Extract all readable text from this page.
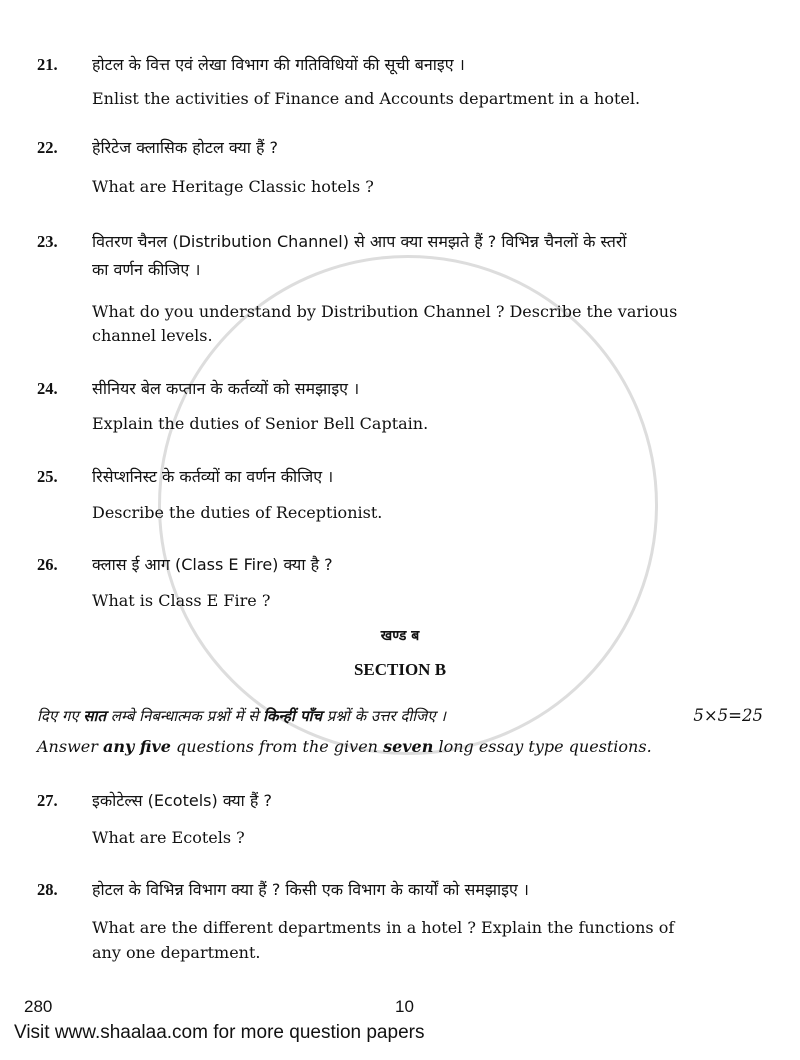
21. होटल के वित्त एवं लेखा विभाग की गतिविधियों की सूची बनाइए ।
Enlist the activities of Finance and Accounts department in a hotel.
22. हेरिटेज क्लासिक होटल क्या हैं ?
What are Heritage Classic hotels ?
23. वितरण चैनल (Distribution Channel) से आप क्या समझते हैं ? विभिन्न चैनलों के स्तरों
का वर्णन कीजिए ।
What do you understand by Distribution Channel ? Describe the various
channel levels.
24. सीनियर बेल कप्तान के कर्तव्यों को समझाइए ।
Explain the duties of Senior Bell Captain.
25. रिसेप्शनिस्ट के कर्तव्यों का वर्णन कीजिए ।
Describe the duties of Receptionist.
26. क्लास ई आग (Class E Fire) क्या है ?
What is Class E Fire ?
27. इकोटेल्स (Ecotels) क्या हैं ?
What are Ecotels ?
28. होटल के विभिन्न विभाग क्या हैं ? किसी एक विभाग के कार्यों को समझाइए ।
What are the different departments in a hotel ? Explain the functions of
any one department.
खण्ड ब
SECTION B
दिए गए सात लम्बे निबन्धात्मक प्रश्नों में से किन्हीं पाँच प्रश्नों के उत्तर दीजिए ।	5×5=25
Answer any five questions from the given seven long essay type questions.
280	10
Visit www.shaalaa.com for more question papers
